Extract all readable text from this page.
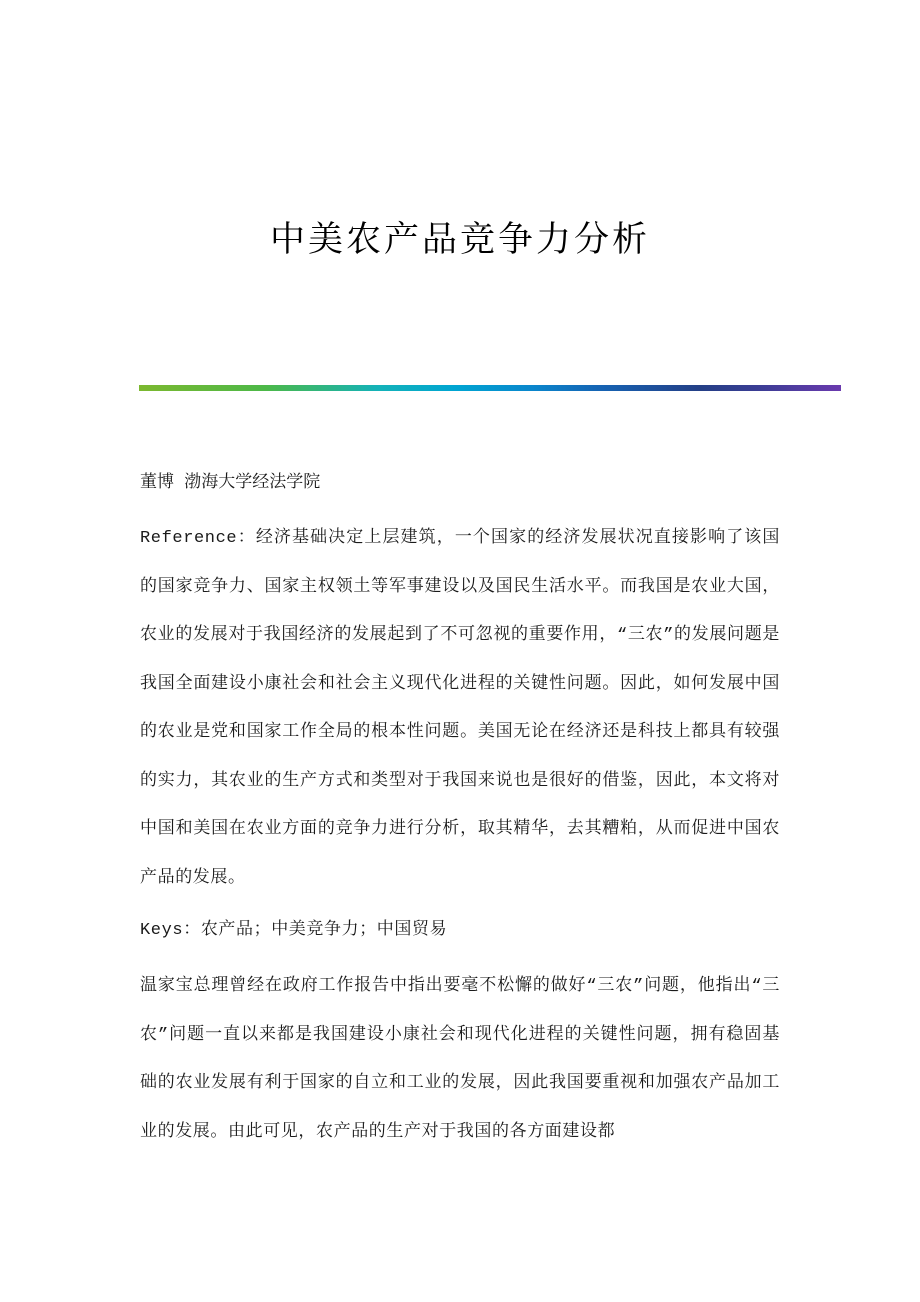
中美农产品竞争力分析
董博 渤海大学经法学院

Reference：经济基础决定上层建筑，一个国家的经济发展状况直接影响了该国的国家竞争力、国家主权领土等军事建设以及国民生活水平。而我国是农业大国，农业的发展对于我国经济的发展起到了不可忽视的重要作用，“三农”的发展问题是我国全面建设小康社会和社会主义现代化进程的关键性问题。因此，如何发展中国的农业是党和国家工作全局的根本性问题。美国无论在经济还是科技上都具有较强的实力，其农业的生产方式和类型对于我国来说也是很好的借鉴，因此，本文将对中国和美国在农业方面的竞争力进行分析，取其精华，去其糟粕，从而促进中国农产品的发展。

Keys：农产品；中美竞争力；中国贸易

温家宝总理曾经在政府工作报告中指出要毫不松懈的做好“三农”问题，他指出“三农”问题一直以来都是我国建设小康社会和现代化进程的关键性问题，拥有稳固基础的农业发展有利于国家的自立和工业的发展，因此我国要重视和加强农产品加工业的发展。由此可见，农产品的生产对于我国的各方面建设都
